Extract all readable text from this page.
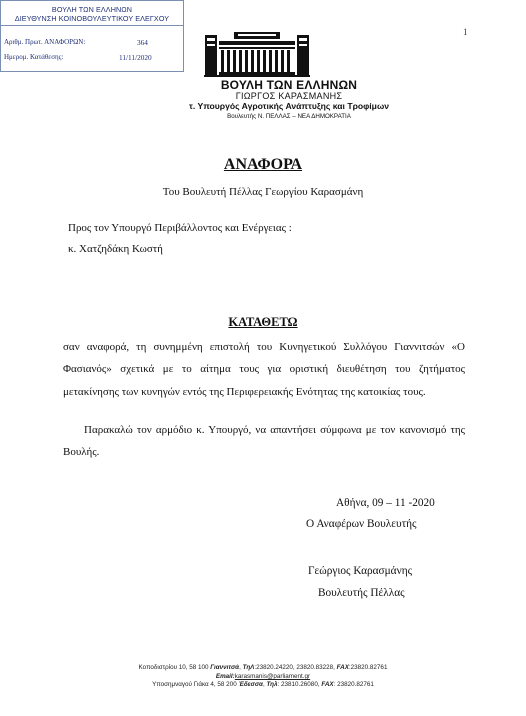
ΒΟΥΛΗ ΤΩΝ ΕΛΛΗΝΩΝ
ΔΙΕΥΘΥΝΣΗ ΚΟΙΝΟΒΟΥΛΕΥΤΙΚΟΥ ΕΛΕΓΧΟΥ
Αριθμ. Πρωτ. ΑΝΑΦΟΡΩΝ:	364
Ημερομ. Κατάθεσης:	11/11/2020
1
ΒΟΥΛΗ ΤΩΝ ΕΛΛΗΝΩΝ
ΓΙΩΡΓΟΣ ΚΑΡΑΣΜΑΝΗΣ
τ. Υπουργός Αγροτικής Ανάπτυξης και Τροφίμων
Βουλευτής Ν. ΠΕΛΛΑΣ – ΝΕΑ ΔΗΜΟΚΡΑΤΙΑ
ΑΝΑΦΟΡΑ
Του Βουλευτή Πέλλας Γεωργίου Καρασμάνη
Προς τον Υπουργό Περιβάλλοντος και Ενέργειας :
κ. Χατζηδάκη Κωστή
ΚΑΤΑΘΕΤΩ
σαν αναφορά, τη συνημμένη επιστολή του Κυνηγετικού Συλλόγου Γιαννιτσών «Ο Φασιανός» σχετικά με το αίτημα τους για οριστική διευθέτηση του ζητήματος μετακίνησης των κυνηγών εντός της Περιφερειακής Ενότητας της κατοικίας τους.
Παρακαλώ τον αρμόδιο κ. Υπουργό, να απαντήσει σύμφωνα με τον κανονισμό της Βουλής.
Αθήνα, 09 – 11 -2020
Ο Αναφέρων Βουλευτής
Γεώργιος Καρασμάνης
Βουλευτής Πέλλας
Κοποδιστρίου 10, 58 100 Γιαννιτσά, ΤηΛ:23820.24220, 23820.83228, FAX:23820.82761
Email:karasmanis@parliament.gr
Υποσημναγού Γιάκα 4, 58 200 Έδεσσα, Τηλ: 23810.26080, FAX: 23820.82761
